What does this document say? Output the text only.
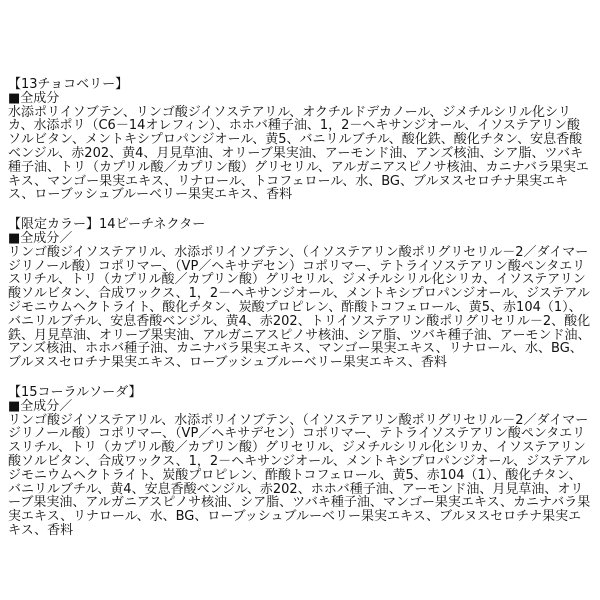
【13チョコベリー】

■全成分

水添ポリイソブテン、リンゴ酸ジイソステアリル、オクチルドデカノール、ジメチルシリル化シリカ、水添ポリ（C6－14オレフィン）、ホホバ種子油、1，2－ヘキサンジオール、イソステアリン酸ソルビタン、メントキシプロパンジオール、黄5、バニリルブチル、酸化鉄、酸化チタン、安息香酸ベンジル、赤202、黄4、月見草油、オリーブ果実油、アーモンド油、アンズ核油、シア脂、ツバキ種子油、トリ（カプリル酸／カプリン酸）グリセリル、アルガニアスピノサ核油、カニナバラ果実エキス、マンゴー果実エキス、リナロール、トコフェロール、水、BG、ブルヌスセロチナ果実エキス、ローブッシュブルーベリー果実エキス、香料

【限定カラー】14ピーチネクター

■全成分／

リンゴ酸ジイソステアリル、水添ポリイソブテン、（イソステアリン酸ポリグリセリル－2／ダイマージリノール酸）コポリマー、（VP／ヘキサデセン）コポリマー、テトライソステアリン酸ペンタエリスリチル、トリ（カプリル酸／カプリン酸）グリセリル、ジメチルシリル化シリカ、イソステアリン酸ソルビタン、合成ワックス、1，2－ヘキサンジオール、メントキシプロパンジオール、ジステアルジモニウムヘクトライト、酸化チタン、炭酸プロピレン、酢酸トコフェロール、黄5、赤104（1）、バニリルブチル、安息香酸ベンジル、黄4、赤202、トリイソステアリン酸ポリグリセリル－2、酸化鉄、月見草油、オリーブ果実油、アルガニアスピノサ核油、シア脂、ツバキ種子油、アーモンド油、アンズ核油、ホホバ種子油、カニナバラ果実エキス、マンゴー果実エキス、リナロール、水、BG、ブルヌスセロチナ果実エキス、ローブッシュブルーベリー果実エキス、香料

【15コーラルソーダ】

■全成分／

リンゴ酸ジイソステアリル、水添ポリイソブテン、（イソステアリン酸ポリグリセリル－2／ダイマージリノール酸）コポリマー、（VP／ヘキサデセン）コポリマー、テトライソステアリン酸ペンタエリスリチル、トリ（カプリル酸／カプリン酸）グリセリル、ジメチルシリル化シリカ、イソステアリン酸ソルビタン、合成ワックス、1，2－ヘキサンジオール、メントキシプロパンジオール、ジステアルジモニウムヘクトライト、炭酸プロピレン、酢酸トコフェロール、黄5、赤104（1）、酸化チタン、バニリルブチル、黄4、安息香酸ベンジル、赤202、ホホバ種子油、アーモンド油、月見草油、オリーブ果実油、アルガニアスピノサ核油、シア脂、ツバキ種子油、マンゴー果実エキス、カニナバラ果実エキス、リナロール、水、BG、ローブッシュブルーベリー果実エキス、ブルヌスセロチナ果実エキス、香料
